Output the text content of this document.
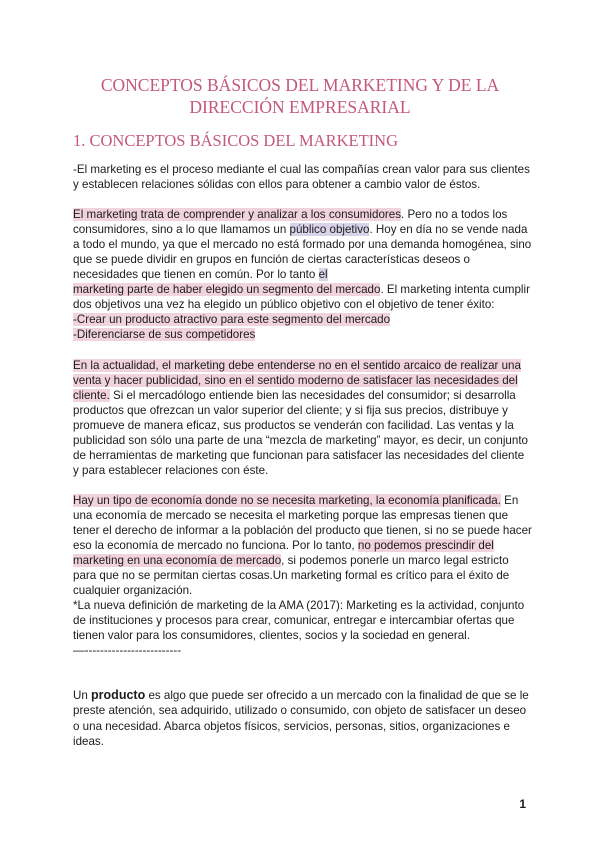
CONCEPTOS BÁSICOS DEL MARKETING Y DE LA
DIRECCIÓN EMPRESARIAL
1. CONCEPTOS BÁSICOS DEL MARKETING

-El marketing es el proceso mediante el cual las compañías crean valor para sus clientes y establecen relaciones sólidas con ellos para obtener a cambio valor de éstos.

El marketing trata de comprender y analizar a los consumidores. Pero no a todos los consumidores, sino a lo que llamamos un público objetivo. Hoy en día no se vende nada a todo el mundo, ya que el mercado no está formado por una demanda homogénea, sino que se puede dividir en grupos en función de ciertas características deseos o necesidades que tienen en común. Por lo tanto el
marketing parte de haber elegido un segmento del mercado. El marketing intenta cumplir dos objetivos una vez ha elegido un público objetivo con el objetivo de tener éxito:

-Crear un producto atractivo para este segmento del mercado

-Diferenciarse de sus competidores

En la actualidad, el marketing debe entenderse no en el sentido arcaico de realizar una venta y hacer publicidad, sino en el sentido moderno de satisfacer las necesidades del cliente. Si el mercadólogo entiende bien las necesidades del consumidor; si desarrolla productos que ofrezcan un valor superior del cliente; y si fija sus precios, distribuye y promueve de manera eficaz, sus productos se venderán con facilidad. Las ventas y la publicidad son sólo una parte de una “mezcla de marketing” mayor, es decir, un conjunto de herramientas de marketing que funcionan para satisfacer las necesidades del cliente y para establecer relaciones con éste.

Hay un tipo de economía donde no se necesita marketing, la economía planificada. En una economía de mercado se necesita el marketing porque las empresas tienen que tener el derecho de informar a la población del producto que tienen, si no se puede hacer eso la economía de mercado no funciona. Por lo tanto, no podemos prescindir del marketing en una economía de mercado, si podemos ponerle un marco legal estricto para que no se permitan ciertas cosas.Un marketing formal es crítico para el éxito de cualquier organización.

*La nueva definición de marketing de la AMA (2017): Marketing es la actividad, conjunto de instituciones y procesos para crear, comunicar, entregar e intercambiar ofertas que tienen valor para los consumidores, clientes, socios y la sociedad en general.

—-------------------------

Un producto es algo que puede ser ofrecido a un mercado con la finalidad de que se le preste atención, sea adquirido, utilizado o consumido, con objeto de satisfacer un deseo o una necesidad. Abarca objetos físicos, servicios, personas, sitios, organizaciones e ideas.

1
